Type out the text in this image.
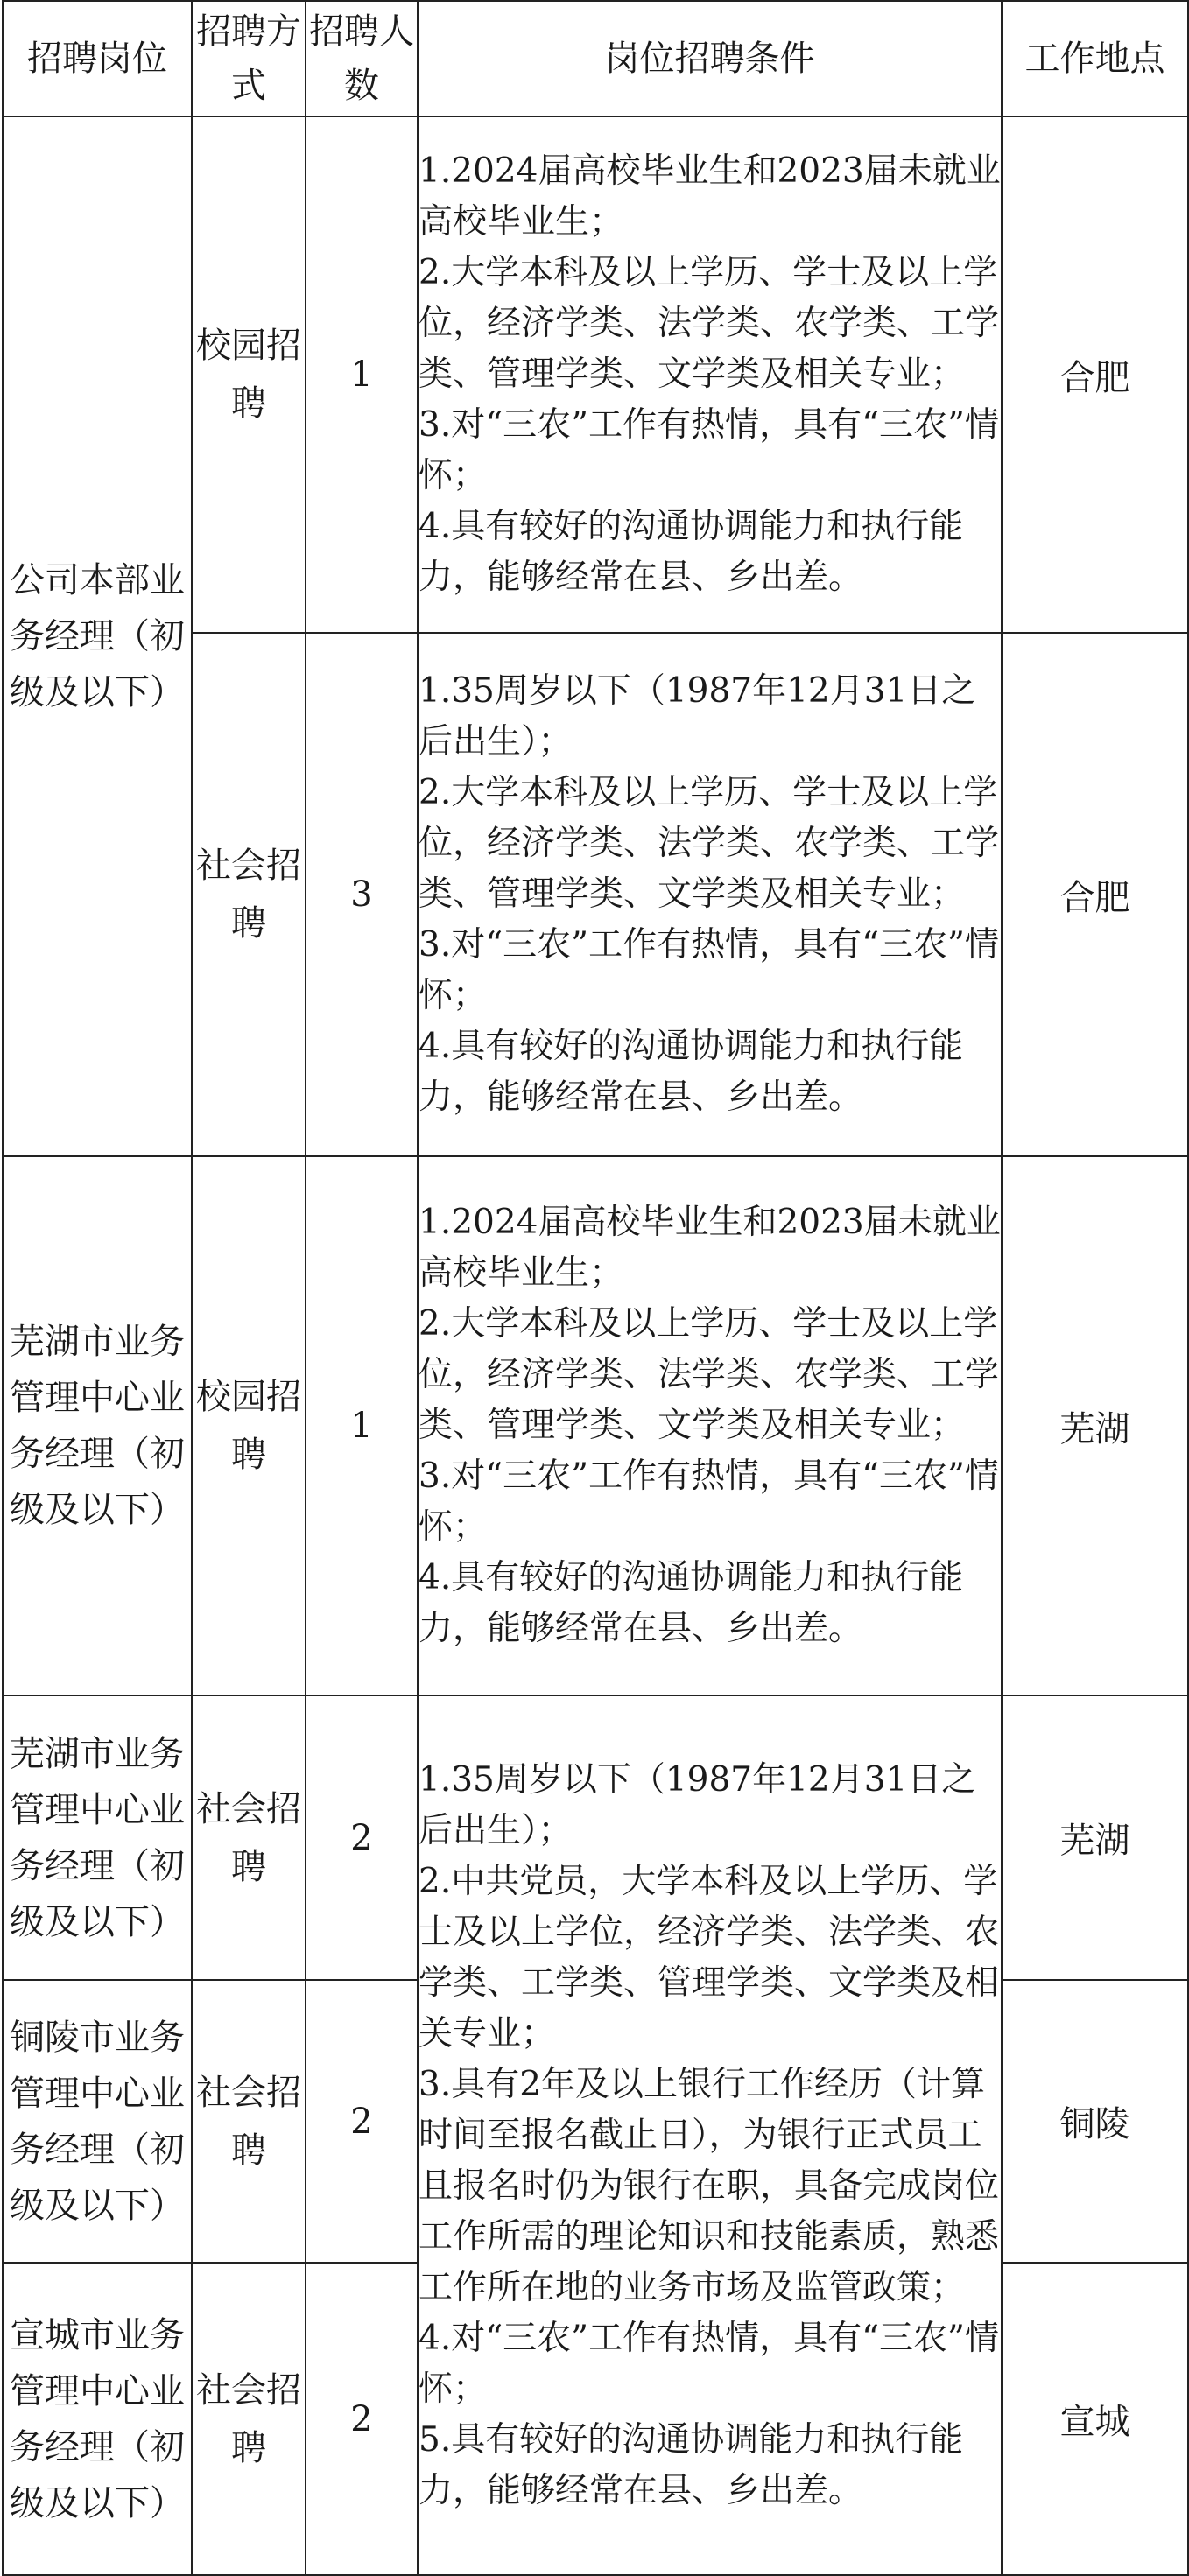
招聘岗位	招聘方式	招聘人数	岗位招聘条件	工作地点
公司本部业务经理（初级及以下）	校园招聘	1	1.2024届高校毕业生和2023届未就业高校毕业生；
2.大学本科及以上学历、学士及以上学位，经济学类、法学类、农学类、工学类、管理学类、文学类及相关专业；
3.对“三农”工作有热情，具有“三农”情怀；
4.具有较好的沟通协调能力和执行能力，能够经常在县、乡出差。	合肥
	社会招聘	3	1.35周岁以下（1987年12月31日之后出生）；
2.大学本科及以上学历、学士及以上学位，经济学类、法学类、农学类、工学类、管理学类、文学类及相关专业；
3.对“三农”工作有热情，具有“三农”情怀；
4.具有较好的沟通协调能力和执行能力，能够经常在县、乡出差。	合肥
芜湖市业务管理中心业务经理（初级及以下）	校园招聘	1	1.2024届高校毕业生和2023届未就业高校毕业生；
2.大学本科及以上学历、学士及以上学位，经济学类、法学类、农学类、工学类、管理学类、文学类及相关专业；
3.对“三农”工作有热情，具有“三农”情怀；
4.具有较好的沟通协调能力和执行能力，能够经常在县、乡出差。	芜湖
芜湖市业务管理中心业务经理（初级及以下）	社会招聘	2	1.35周岁以下（1987年12月31日之后出生）；
2.中共党员，大学本科及以上学历、学士及以上学位，经济学类、法学类、农学类、工学类、管理学类、文学类及相关专业；
3.具有2年及以上银行工作经历（计算时间至报名截止日），为银行正式员工且报名时仍为银行在职，具备完成岗位工作所需的理论知识和技能素质，熟悉工作所在地的业务市场及监管政策；
4.对“三农”工作有热情，具有“三农”情怀；
5.具有较好的沟通协调能力和执行能力，能够经常在县、乡出差。	芜湖
铜陵市业务管理中心业务经理（初级及以下）	社会招聘	2		铜陵
宣城市业务管理中心业务经理（初级及以下）	社会招聘	2		宣城
